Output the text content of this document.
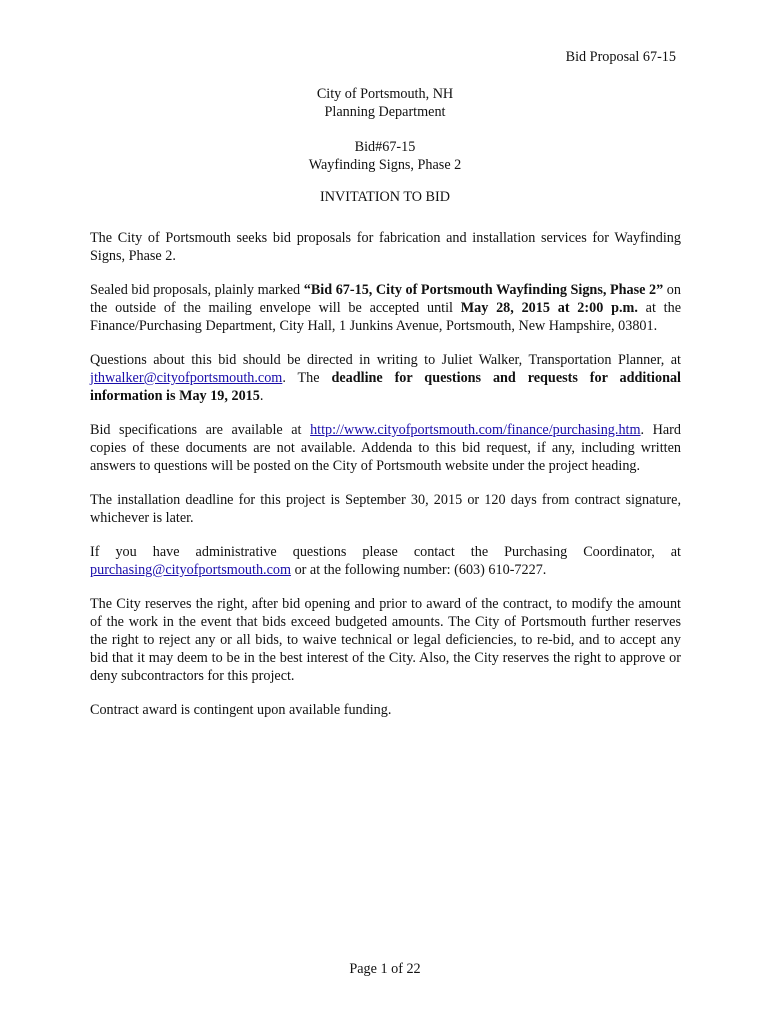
Bid Proposal 67-15
City of Portsmouth, NH
Planning Department
Bid#67-15
Wayfinding Signs, Phase 2
INVITATION TO BID

The City of Portsmouth seeks bid proposals for fabrication and installation services for Wayfinding Signs, Phase 2.

Sealed bid proposals, plainly marked “Bid 67-15, City of Portsmouth Wayfinding Signs, Phase 2” on the outside of the mailing envelope will be accepted until May 28, 2015 at 2:00 p.m. at the Finance/Purchasing Department, City Hall, 1 Junkins Avenue, Portsmouth, New Hampshire, 03801.

Questions about this bid should be directed in writing to Juliet Walker, Transportation Planner, at jthwalker@cityofportsmouth.com. The deadline for questions and requests for additional information is May 19, 2015.

Bid specifications are available at http://www.cityofportsmouth.com/finance/purchasing.htm. Hard copies of these documents are not available. Addenda to this bid request, if any, including written answers to questions will be posted on the City of Portsmouth website under the project heading.

The installation deadline for this project is September 30, 2015 or 120 days from contract signature, whichever is later.

If you have administrative questions please contact the Purchasing Coordinator, at purchasing@cityofportsmouth.com or at the following number: (603) 610-7227.

The City reserves the right, after bid opening and prior to award of the contract, to modify the amount of the work in the event that bids exceed budgeted amounts. The City of Portsmouth further reserves the right to reject any or all bids, to waive technical or legal deficiencies, to re-bid, and to accept any bid that it may deem to be in the best interest of the City. Also, the City reserves the right to approve or deny subcontractors for this project.

Contract award is contingent upon available funding.

Page 1 of 22
